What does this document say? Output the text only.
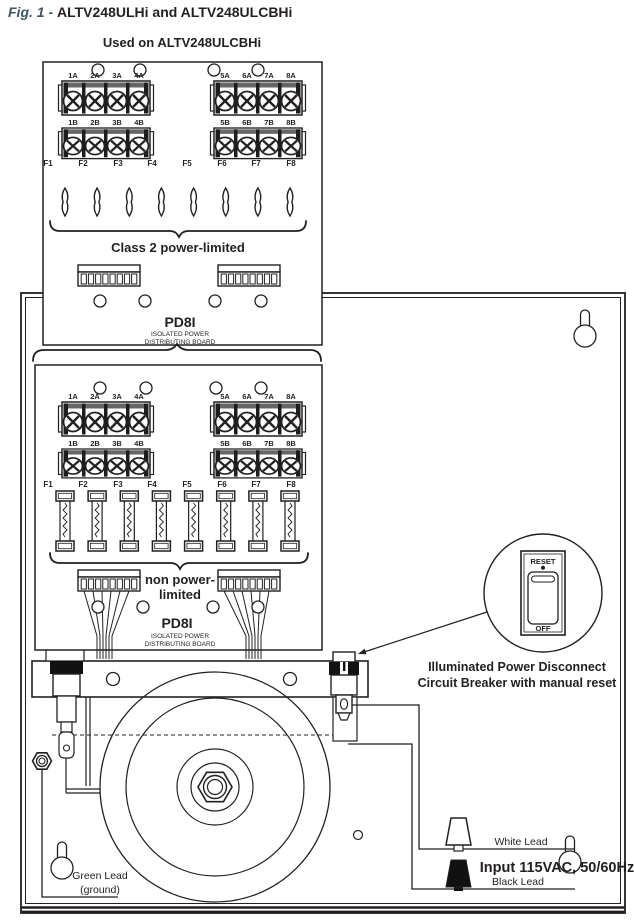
Fig. 1 - ALTV248ULHi and ALTV248ULCBHi
Used on ALTV248ULCBHi
White Lead
Input 115VAC, 50/60Hz
Black Lead
Green Lead
(ground)
RESET
OFF
Illuminated Power Disconnect
Circuit Breaker with manual reset
1A 2A 3A 4A	5A 6A 7A 8A
1B 2B 3B 4B	5B 6B 7B 8B
F1	F2	F3	F4	F5	F6	F7	F8
Class 2 power-limited
PD8I
ISOLATED POWER
DISTRIBUTING BOARD
1A 2A 3A 4A	5A 6A 7A 8A
1B 2B 3B 4B	5B 6B 7B 8B
F1	F2	F3	F4	F5	F6	F7	F8
non power-
limited
PD8I
ISOLATED POWER
DISTRIBUTING BOARD
